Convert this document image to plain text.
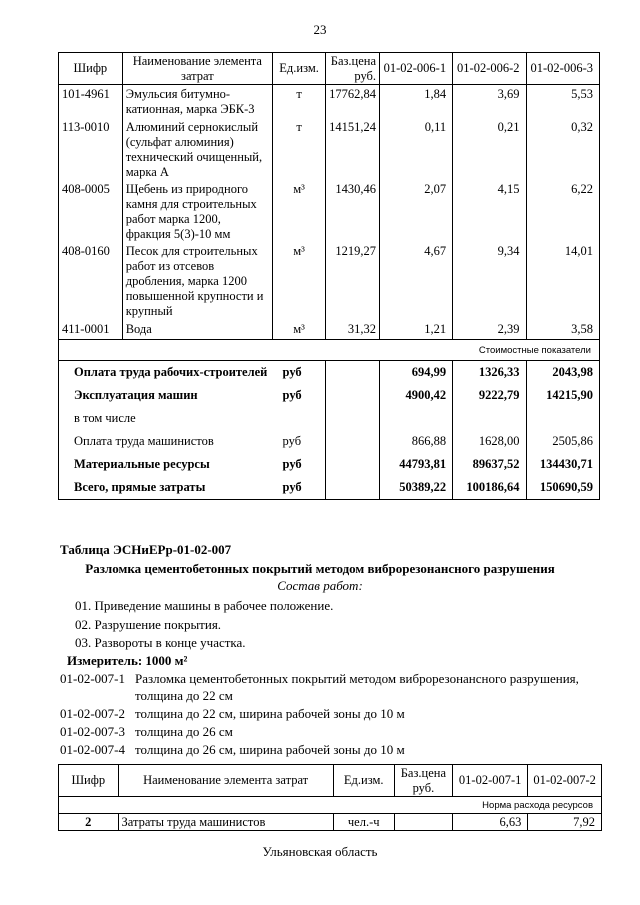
23
Шифр	Наименование элемента затрат	Ед.изм.	Баз.цена руб.	01-02-006-1	01-02-006-2	01-02-006-3
101-4961	Эмульсия битумно-катионная, марка ЭБК-3	т	17762,84	1,84	3,69	5,53
113-0010	Алюминий сернокислый (сульфат алюминия) технический очищенный, марка А	т	14151,24	0,11	0,21	0,32
408-0005	Щебень из природного камня для строительных работ марка 1200, фракция 5(3)-10 мм	м³	1430,46	2,07	4,15	6,22
408-0160	Песок для строительных работ из отсевов дробления, марка 1200 повышенной крупности и крупный	м³	1219,27	4,67	9,34	14,01
411-0001	Вода	м³	31,32	1,21	2,39	3,58
Стоимостные показатели						
Оплата труда рабочих-строителей		руб		694,99	1326,33	2043,98
Эксплуатация машин		руб		4900,42	9222,79	14215,90
в том числе						
Оплата труда машинистов		руб		866,88	1628,00	2505,86
Материальные ресурсы		руб		44793,81	89637,52	134430,71
Всего, прямые затраты		руб		50389,22	100186,64	150690,59
Таблица ЭСНиЕРр-01-02-007
Разломка цементобетонных покрытий методом виброрезонансного разрушения
Состав работ:
01. Приведение машины в рабочее положение.
02. Разрушение покрытия.
03. Развороты в конце участка.
Измеритель: 1000 м²
01-02-007-1 Разломка цементобетонных покрытий методом виброрезонансного разрушения,
толщина до 22 см
01-02-007-2 толщина до 22 см, ширина рабочей зоны до 10 м
01-02-007-3 толщина до 26 см
01-02-007-4 толщина до 26 см, ширина рабочей зоны до 10 м
Шифр	Наименование элемента затрат	Ед.изм.	Баз.цена руб.	01-02-007-1	01-02-007-2
Норма расхода ресурсов					
2	Затраты труда машинистов	чел.-ч		6,63	7,92
Ульяновская область
